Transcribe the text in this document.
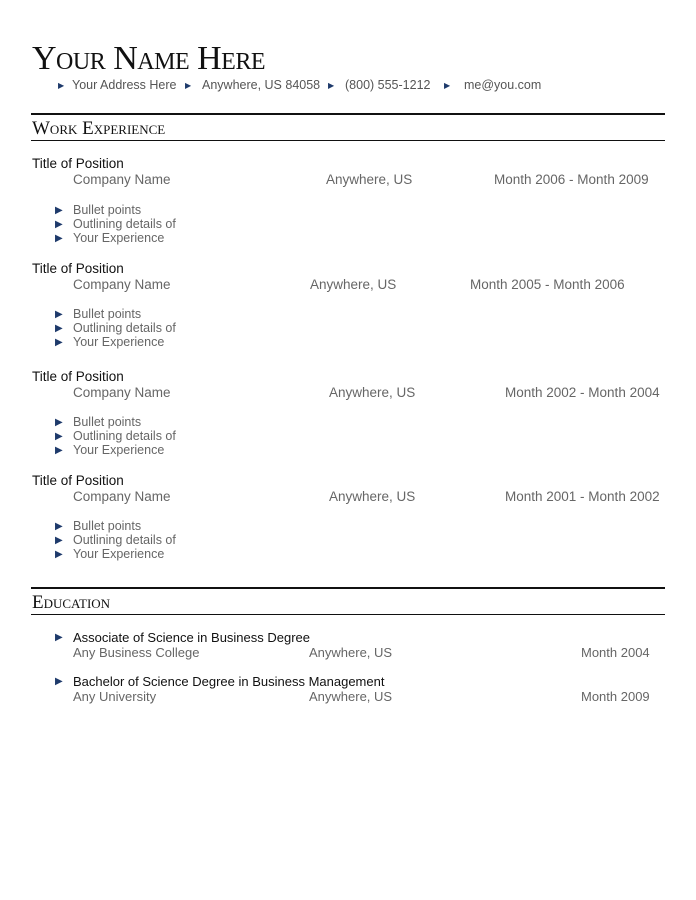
Your Name Here
▶ Your Address Here ▶ Anywhere, US 84058 ▶ (800) 555-1212 ▶ me@you.com
Work Experience
Title of Position
Company Name	Anywhere, US	Month 2006 - Month 2009
▶ Bullet points
▶ Outlining details of
▶ Your Experience
Title of Position
Company Name	Anywhere, US	Month 2005 - Month 2006
▶ Bullet points
▶ Outlining details of
▶ Your Experience
Title of Position
Company Name	Anywhere, US	Month 2002 - Month 2004
▶ Bullet points
▶ Outlining details of
▶ Your Experience
Title of Position
Company Name	Anywhere, US	Month 2001 - Month 2002
▶ Bullet points
▶ Outlining details of
▶ Your Experience
Education
▶ Associate of Science in Business Degree
Any Business College	Anywhere, US	Month 2004
▶ Bachelor of Science Degree in Business Management
Any University	Anywhere, US	Month 2009
